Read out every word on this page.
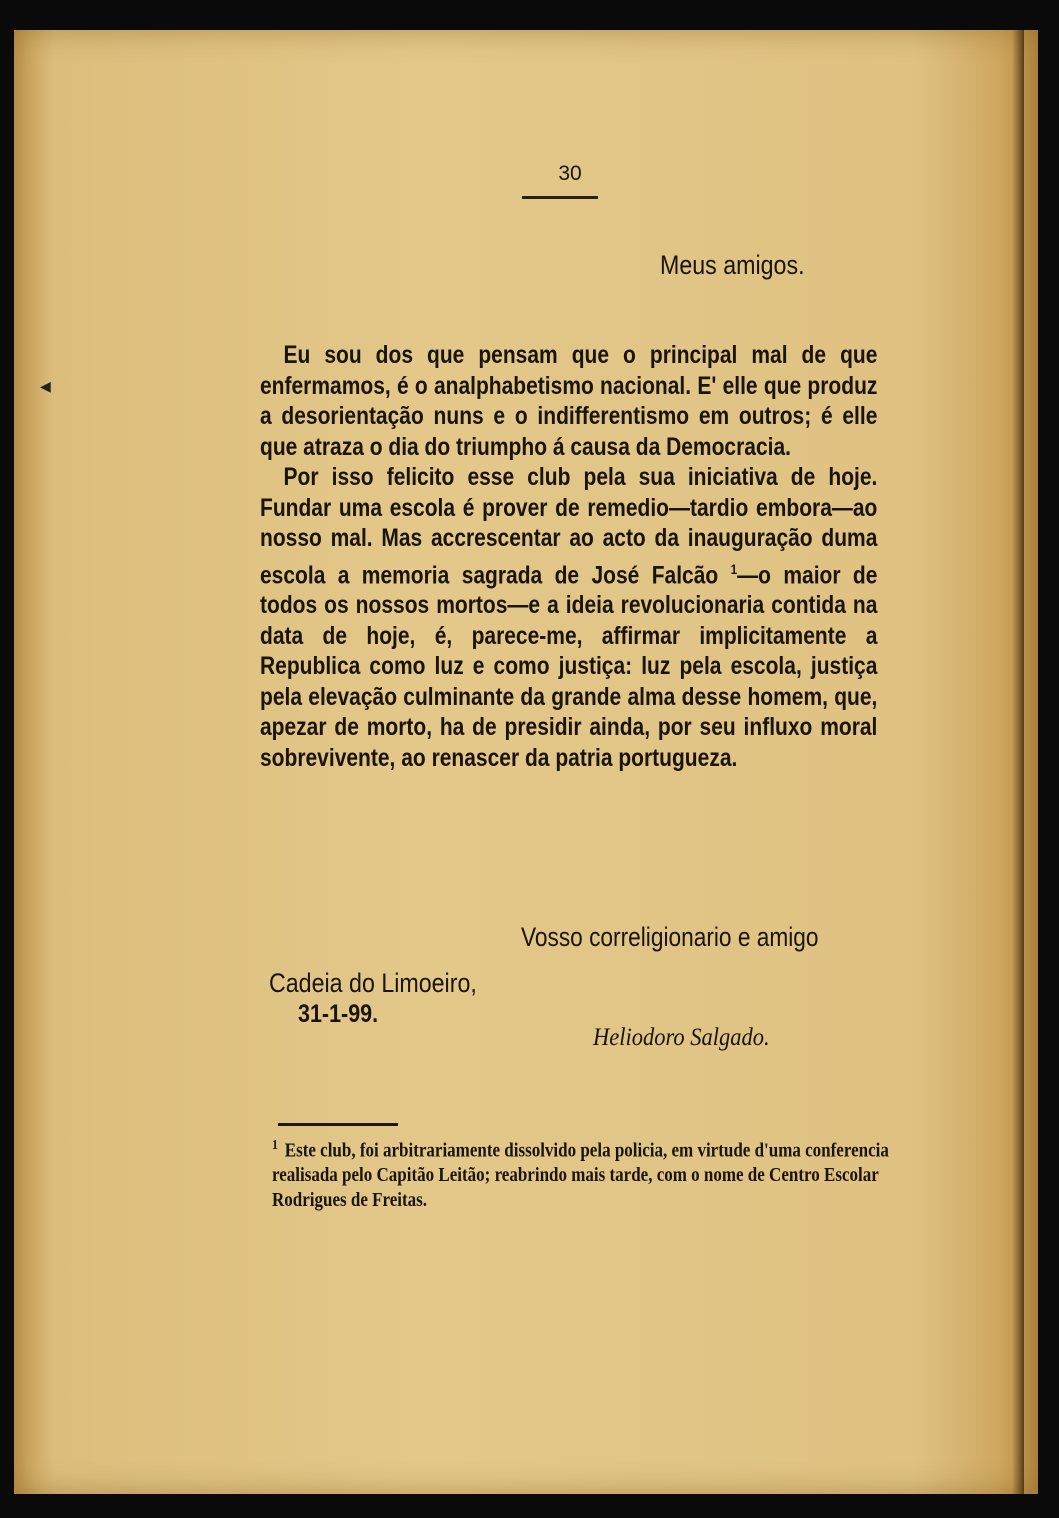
◀
30
Meus amigos.

Eu sou dos que pensam que o principal mal de que enfermamos, é o analphabetismo nacional. E' elle que produz a desorientação nuns e o indifferentismo em outros; é elle que atraza o dia do triumpho á causa da Democracia.

Por isso felicito esse club pela sua iniciativa de hoje. Fundar uma escola é prover de remedio—tardio embora—ao nosso mal. Mas accrescentar ao acto da inauguração duma escola a memoria sagrada de José Falcão $^1$—o maior de todos os nossos mortos—e a ideia revolucionaria contida na data de hoje, é, parece-me, affirmar implicitamente a Republica como luz e como justiça: luz pela escola, justiça pela elevação culminante da grande alma desse homem, que, apezar de morto, ha de presidir ainda, por seu influxo moral sobrevivente, ao renascer da patria portugueza.

Vosso correligionario e amigo
Cadeia do Limoeiro,
31-1-99.
Heliodoro Salgado.
$^1$ Este club, foi arbitrariamente dissolvido pela policia, em virtude d'uma conferencia realisada pelo Capitão Leitão; reabrindo mais tarde, com o nome de Centro Escolar Rodrigues de Freitas.
